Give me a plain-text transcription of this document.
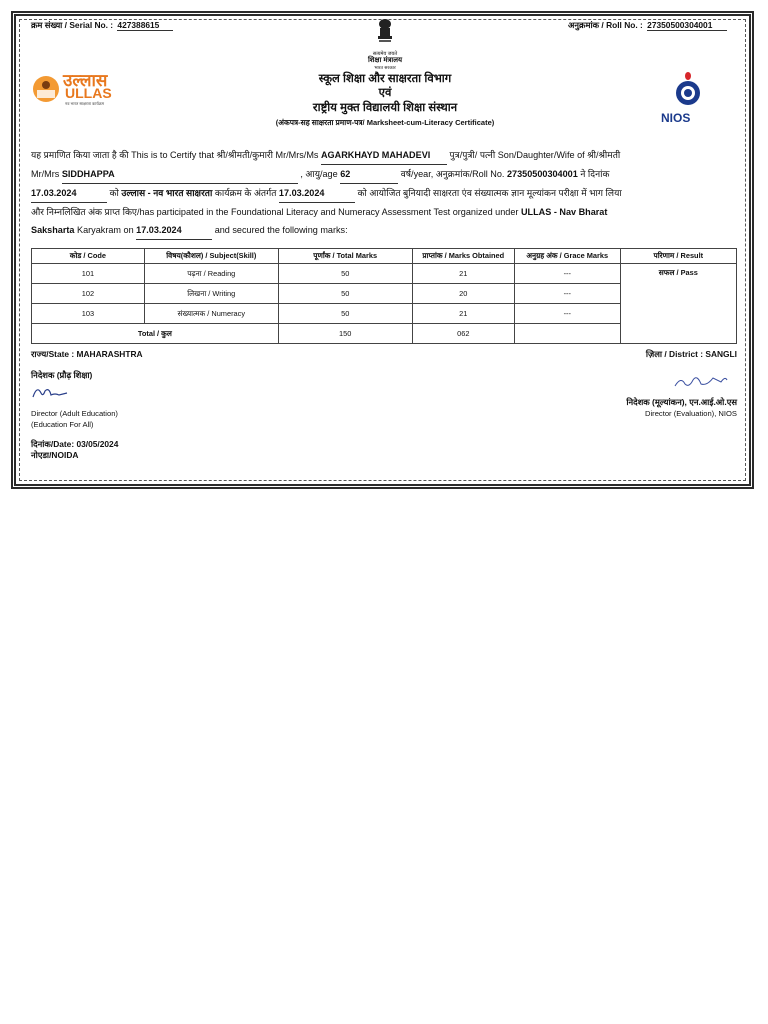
क्रम संख्या / Serial No. : 427388615	अनुक्रमांक / Roll No. : 27350500304001
सत्यमेव जयते
शिक्षा मंत्रालय
भारत सरकार
उल्लास
ULLAS
नव भारत साक्षरता कार्यक्रम
स्कूल शिक्षा और साक्षरता विभाग
एवं
राष्ट्रीय मुक्त विद्यालयी शिक्षा संस्थान
(अंकपत्र-सह साक्षरता प्रमाण-पत्र/ Marksheet-cum-Literacy Certificate)	NIOS
यह प्रमाणित किया जाता है की This is to Certify that श्री/श्रीमती/कुमारी Mr/Mrs/Ms AGARKHAYD MAHADEVI पुत्र/पुत्री/ पत्नी Son/Daughter/Wife of श्री/श्रीमती
Mr/Mrs SIDDHAPPA	, आयु/age 62	वर्ष/year, अनुक्रमांक/Roll No. 27350500304001 ने दिनांक
17.03.2024	को उल्लास - नव भारत साक्षरता कार्यक्रम के अंतर्गत 17.03.2024	को आयोजित बुनियादी साक्षरता एंव संख्यात्मक ज्ञान मूल्यांकन परीक्षा में भाग लिया
और निम्नलिखित अंक प्राप्त किए/has participated in the Foundational Literacy and Numeracy Assessment Test organized under ULLAS - Nav Bharat
Saksharta Karyakram on 17.03.2024	and secured the following marks:
कोड / Code	विषय(कौशल) / Subject(Skill)	पूर्णांक / Total Marks	प्राप्तांक / Marks Obtained	अनुग्रह अंक / Grace Marks	परिणाम / Result
101	पढ़ना / Reading	50	21	---	सफल / Pass
102	लिखना / Writing	50	20	---	
103	संख्यात्मक / Numeracy	50	21	---	
Total / कुल		150	062		
राज्य/State : MAHARASHTRA	ज़िला / District : SANGLI
निदेशक (प्रौढ़ शिक्षा)
Director (Adult Education)
(Education For All)
दिनांक/Date: 03/05/2024
नोएडा/NOIDA
निदेशक (मूल्यांकन), एन.आई.ओ.एस
Director (Evaluation), NIOS
